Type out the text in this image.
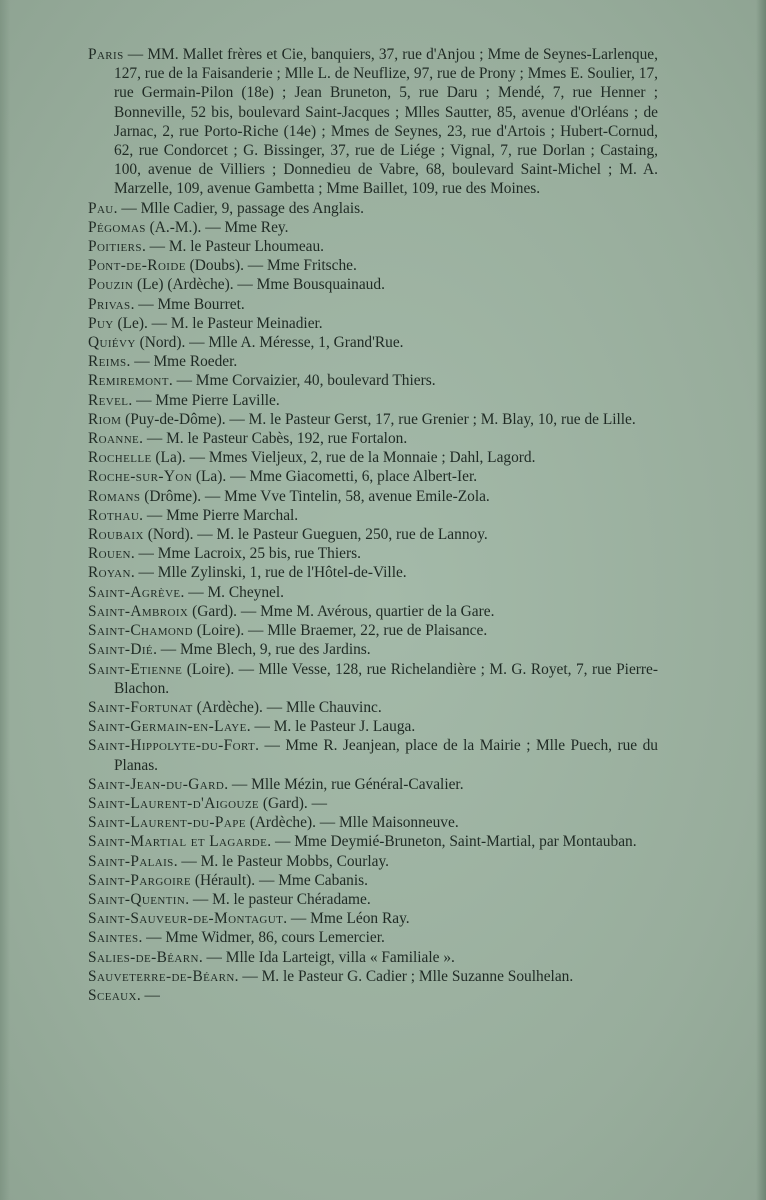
Paris — MM. Mallet frères et Cie, banquiers, 37, rue d'Anjou ; Mme de Seynes-Larlenque, 127, rue de la Faisanderie ; Mlle L. de Neuflize, 97, rue de Prony ; Mmes E. Soulier, 17, rue Germain-Pilon (18e) ; Jean Bruneton, 5, rue Daru ; Mendé, 7, rue Henner ; Bonneville, 52 bis, boulevard Saint-Jacques ; Mlles Sautter, 85, avenue d'Orléans ; de Jarnac, 2, rue Porto-Riche (14e) ; Mmes de Seynes, 23, rue d'Artois ; Hubert-Cornud, 62, rue Condorcet ; G. Bissinger, 37, rue de Liége ; Vignal, 7, rue Dorlan ; Castaing, 100, avenue de Villiers ; Donnedieu de Vabre, 68, boulevard Saint-Michel ; M. A. Marzelle, 109, avenue Gambetta ; Mme Baillet, 109, rue des Moines.

Pau. — Mlle Cadier, 9, passage des Anglais.

Pégomas (A.-M.). — Mme Rey.

Poitiers. — M. le Pasteur Lhoumeau.

Pont-de-Roide (Doubs). — Mme Fritsche.

Pouzin (Le) (Ardèche). — Mme Bousquainaud.

Privas. — Mme Bourret.

Puy (Le). — M. le Pasteur Meinadier.

Quiévy (Nord). — Mlle A. Méresse, 1, Grand'Rue.

Reims. — Mme Roeder.

Remiremont. — Mme Corvaizier, 40, boulevard Thiers.

Revel. — Mme Pierre Laville.

Riom (Puy-de-Dôme). — M. le Pasteur Gerst, 17, rue Grenier ; M. Blay, 10, rue de Lille.

Roanne. — M. le Pasteur Cabès, 192, rue Fortalon.

Rochelle (La). — Mmes Vieljeux, 2, rue de la Monnaie ; Dahl, Lagord.

Roche-sur-Yon (La). — Mme Giacometti, 6, place Albert-Ier.

Romans (Drôme). — Mme Vve Tintelin, 58, avenue Emile-Zola.

Rothau. — Mme Pierre Marchal.

Roubaix (Nord). — M. le Pasteur Gueguen, 250, rue de Lannoy.

Rouen. — Mme Lacroix, 25 bis, rue Thiers.

Royan. — Mlle Zylinski, 1, rue de l'Hôtel-de-Ville.

Saint-Agrève. — M. Cheynel.

Saint-Ambroix (Gard). — Mme M. Avérous, quartier de la Gare.

Saint-Chamond (Loire). — Mlle Braemer, 22, rue de Plaisance.

Saint-Dié. — Mme Blech, 9, rue des Jardins.

Saint-Etienne (Loire). — Mlle Vesse, 128, rue Richelandière ; M. G. Royet, 7, rue Pierre-Blachon.

Saint-Fortunat (Ardèche). — Mlle Chauvinc.

Saint-Germain-en-Laye. — M. le Pasteur J. Lauga.

Saint-Hippolyte-du-Fort. — Mme R. Jeanjean, place de la Mairie ; Mlle Puech, rue du Planas.

Saint-Jean-du-Gard. — Mlle Mézin, rue Général-Cavalier.

Saint-Laurent-d'Aigouze (Gard). —

Saint-Laurent-du-Pape (Ardèche). — Mlle Maisonneuve.

Saint-Martial et Lagarde. — Mme Deymié-Bruneton, Saint-Martial, par Montauban.

Saint-Palais. — M. le Pasteur Mobbs, Courlay.

Saint-Pargoire (Hérault). — Mme Cabanis.

Saint-Quentin. — M. le pasteur Chéradame.

Saint-Sauveur-de-Montagut. — Mme Léon Ray.

Saintes. — Mme Widmer, 86, cours Lemercier.

Salies-de-Béarn. — Mlle Ida Larteigt, villa « Familiale ».

Sauveterre-de-Béarn. — M. le Pasteur G. Cadier ; Mlle Suzanne Soulhelan.

Sceaux. —
